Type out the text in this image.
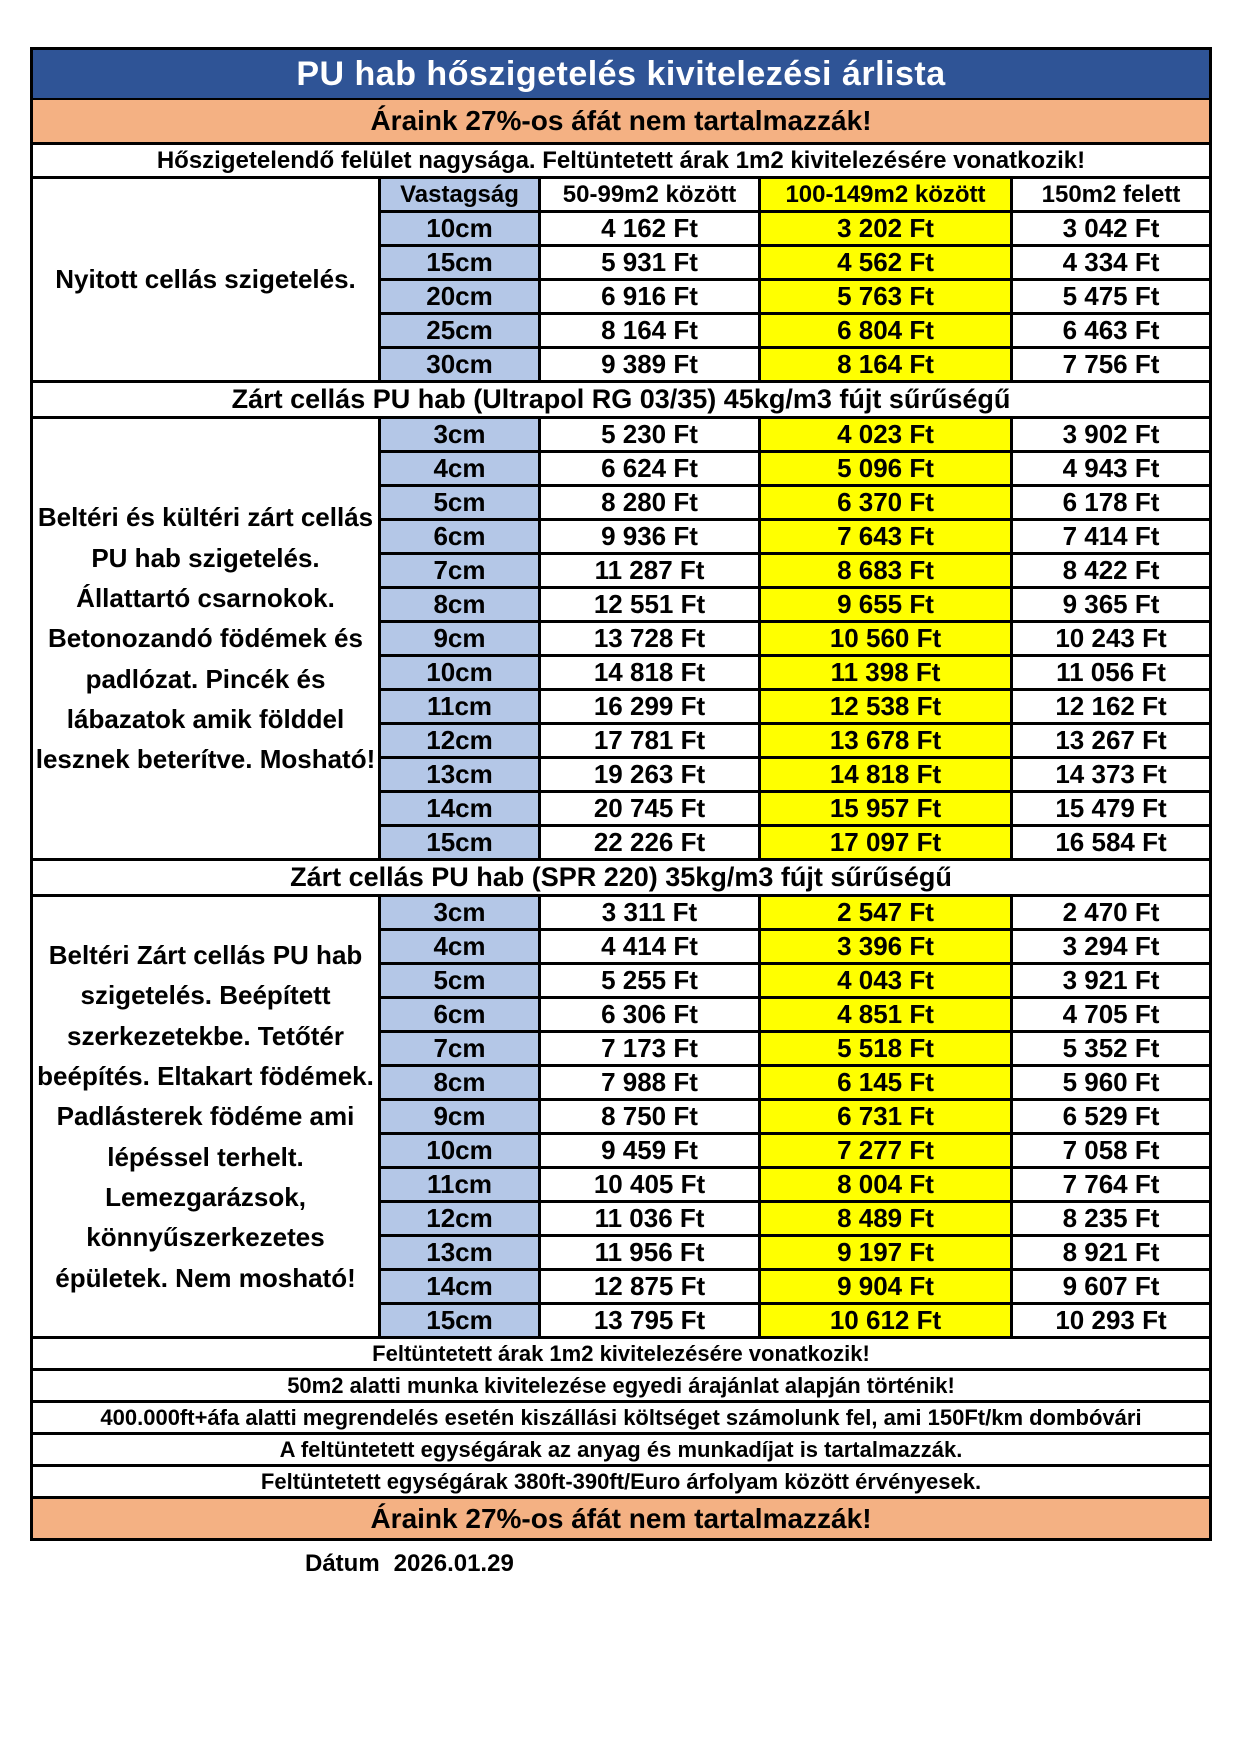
PU hab hőszigetelés kivitelezési árlista
Áraink 27%-os áfát nem tartalmazzák!
Hőszigetelendő felület nagysága. Feltüntetett árak 1m2 kivitelezésére vonatkozik!
Nyitott cellás szigetelés.
Vastagság	50-99m2 között	100-149m2 között	150m2 felett
10cm	4 162 Ft	3 202 Ft	3 042 Ft
15cm	5 931 Ft	4 562 Ft	4 334 Ft
20cm	6 916 Ft	5 763 Ft	5 475 Ft
25cm	8 164 Ft	6 804 Ft	6 463 Ft
30cm	9 389 Ft	8 164 Ft	7 756 Ft
Zárt cellás PU hab (Ultrapol RG 03/35) 45kg/m3 fújt sűrűségű
Beltéri és kültéri zárt cellás PU hab szigetelés. Állattartó csarnokok. Betonozandó födémek és padlózat. Pincék és lábazatok amik földdel lesznek beterítve. Mosható!
3cm	5 230 Ft	4 023 Ft	3 902 Ft
4cm	6 624 Ft	5 096 Ft	4 943 Ft
5cm	8 280 Ft	6 370 Ft	6 178 Ft
6cm	9 936 Ft	7 643 Ft	7 414 Ft
7cm	11 287 Ft	8 683 Ft	8 422 Ft
8cm	12 551 Ft	9 655 Ft	9 365 Ft
9cm	13 728 Ft	10 560 Ft	10 243 Ft
10cm	14 818 Ft	11 398 Ft	11 056 Ft
11cm	16 299 Ft	12 538 Ft	12 162 Ft
12cm	17 781 Ft	13 678 Ft	13 267 Ft
13cm	19 263 Ft	14 818 Ft	14 373 Ft
14cm	20 745 Ft	15 957 Ft	15 479 Ft
15cm	22 226 Ft	17 097 Ft	16 584 Ft
Zárt cellás PU hab (SPR 220) 35kg/m3 fújt sűrűségű
Beltéri Zárt cellás PU hab szigetelés. Beépített szerkezetekbe. Tetőtér beépítés. Eltakart födémek. Padlásterek födéme ami lépéssel terhelt. Lemezgarázsok, könnyűszerkezetes épületek. Nem mosható!
3cm	3 311 Ft	2 547 Ft	2 470 Ft
4cm	4 414 Ft	3 396 Ft	3 294 Ft
5cm	5 255 Ft	4 043 Ft	3 921 Ft
6cm	6 306 Ft	4 851 Ft	4 705 Ft
7cm	7 173 Ft	5 518 Ft	5 352 Ft
8cm	7 988 Ft	6 145 Ft	5 960 Ft
9cm	8 750 Ft	6 731 Ft	6 529 Ft
10cm	9 459 Ft	7 277 Ft	7 058 Ft
11cm	10 405 Ft	8 004 Ft	7 764 Ft
12cm	11 036 Ft	8 489 Ft	8 235 Ft
13cm	11 956 Ft	9 197 Ft	8 921 Ft
14cm	12 875 Ft	9 904 Ft	9 607 Ft
15cm	13 795 Ft	10 612 Ft	10 293 Ft
Feltüntetett árak 1m2 kivitelezésére vonatkozik!
50m2 alatti munka kivitelezése egyedi árajánlat alapján történik!
400.000ft+áfa alatti megrendelés esetén kiszállási költséget számolunk fel, ami 150Ft/km dombóvári
A feltüntetett egységárak az anyag és munkadíjat is tartalmazzák.
Feltüntetett egységárak 380ft-390ft/Euro árfolyam között érvényesek.
Áraink 27%-os áfát nem tartalmazzák!
Dátum 2026.01.29
